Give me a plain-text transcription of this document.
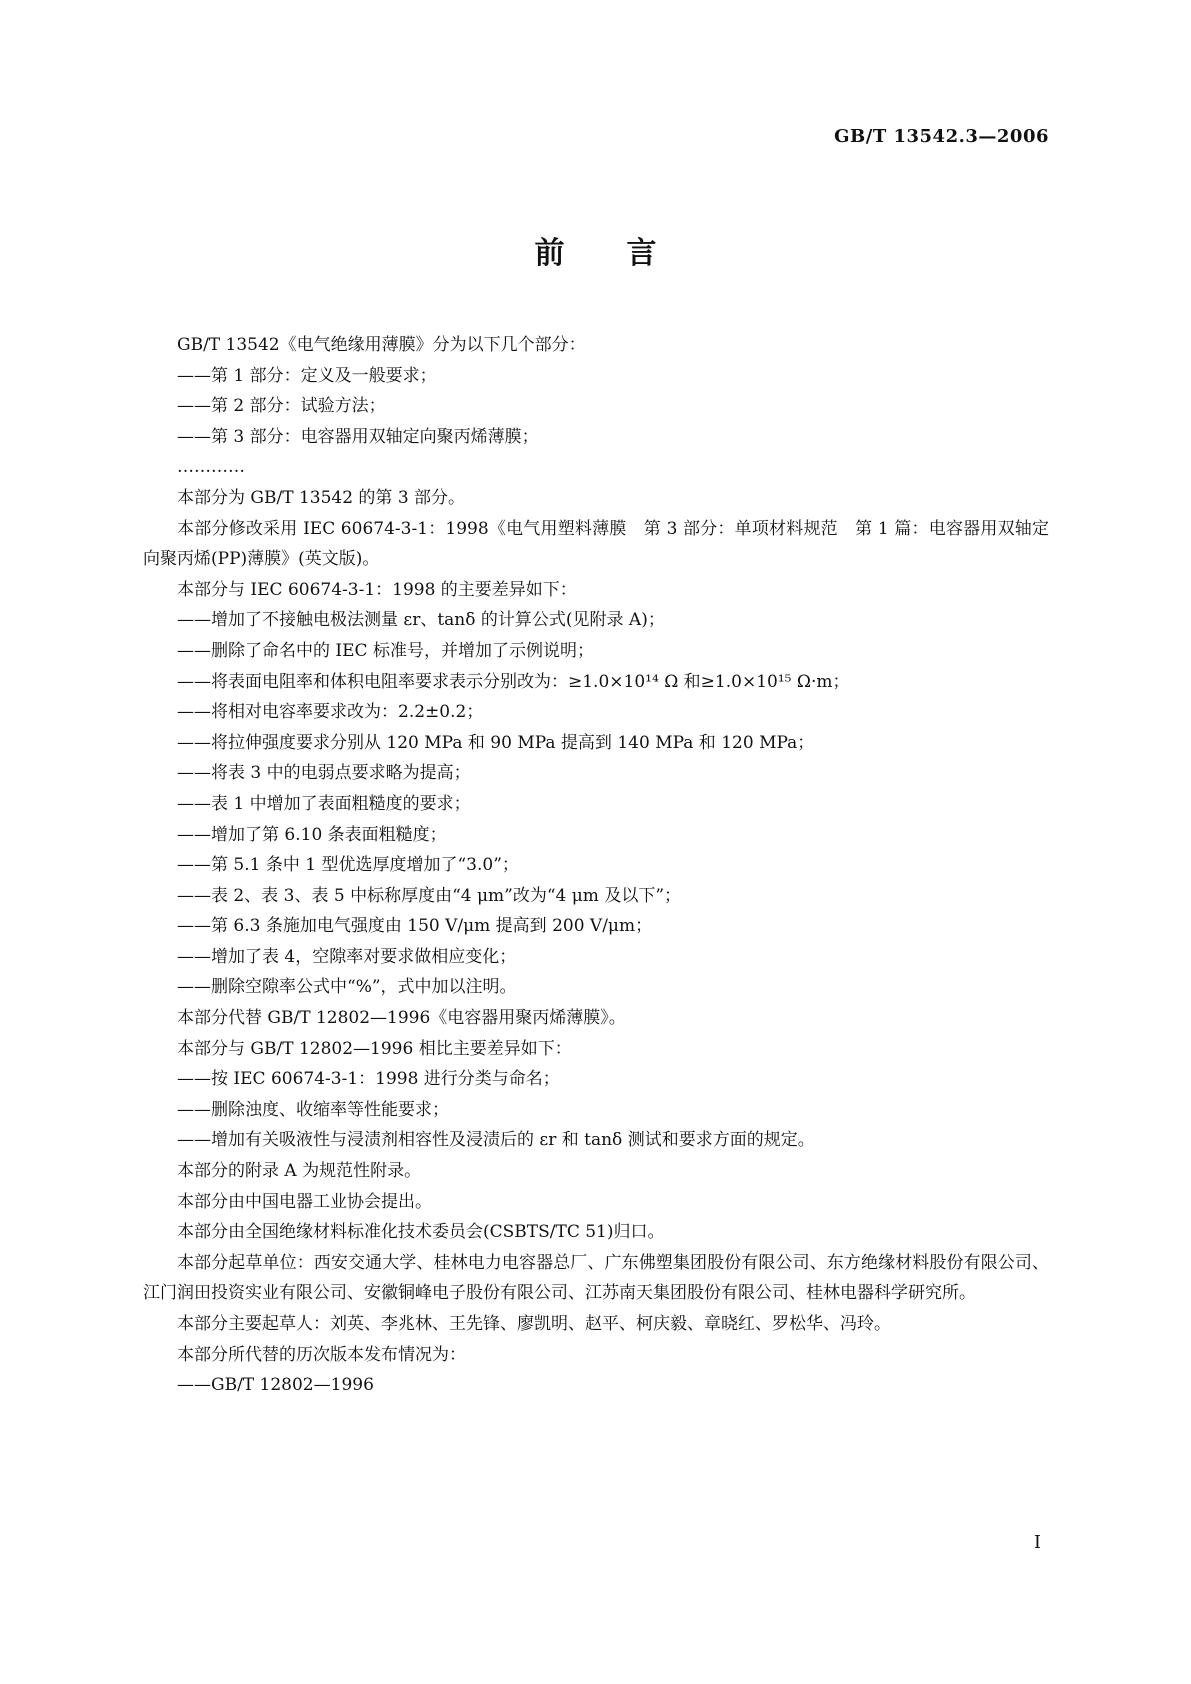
GB/T 13542.3—2006
前 言

GB/T 13542《电气绝缘用薄膜》分为以下几个部分：

——第 1 部分：定义及一般要求；

——第 2 部分：试验方法；

——第 3 部分：电容器用双轴定向聚丙烯薄膜；

…………

本部分为 GB/T 13542 的第 3 部分。

本部分修改采用 IEC 60674-3-1：1998《电气用塑料薄膜　第 3 部分：单项材料规范　第 1 篇：电容器用双轴定向聚丙烯(PP)薄膜》(英文版)。

本部分与 IEC 60674-3-1：1998 的主要差异如下：

——增加了不接触电极法测量 εr、tanδ 的计算公式(见附录 A)；

——删除了命名中的 IEC 标准号，并增加了示例说明；

——将表面电阻率和体积电阻率要求表示分别改为：≥1.0×10¹⁴ Ω 和≥1.0×10¹⁵ Ω·m；

——将相对电容率要求改为：2.2±0.2；

——将拉伸强度要求分别从 120 MPa 和 90 MPa 提高到 140 MPa 和 120 MPa；

——将表 3 中的电弱点要求略为提高；

——表 1 中增加了表面粗糙度的要求；

——增加了第 6.10 条表面粗糙度；

——第 5.1 条中 1 型优选厚度增加了“3.0”；

——表 2、表 3、表 5 中标称厚度由“4 μm”改为“4 μm 及以下”；

——第 6.3 条施加电气强度由 150 V/μm 提高到 200 V/μm；

——增加了表 4，空隙率对要求做相应变化；

——删除空隙率公式中“%”，式中加以注明。

本部分代替 GB/T 12802—1996《电容器用聚丙烯薄膜》。

本部分与 GB/T 12802—1996 相比主要差异如下：

——按 IEC 60674-3-1：1998 进行分类与命名；

——删除浊度、收缩率等性能要求；

——增加有关吸液性与浸渍剂相容性及浸渍后的 εr 和 tanδ 测试和要求方面的规定。

本部分的附录 A 为规范性附录。

本部分由中国电器工业协会提出。

本部分由全国绝缘材料标准化技术委员会(CSBTS/TC 51)归口。

本部分起草单位：西安交通大学、桂林电力电容器总厂、广东佛塑集团股份有限公司、东方绝缘材料股份有限公司、江门润田投资实业有限公司、安徽铜峰电子股份有限公司、江苏南天集团股份有限公司、桂林电器科学研究所。

本部分主要起草人：刘英、李兆林、王先锋、廖凯明、赵平、柯庆毅、章晓红、罗松华、冯玲。

本部分所代替的历次版本发布情况为：

——GB/T 12802—1996

I
